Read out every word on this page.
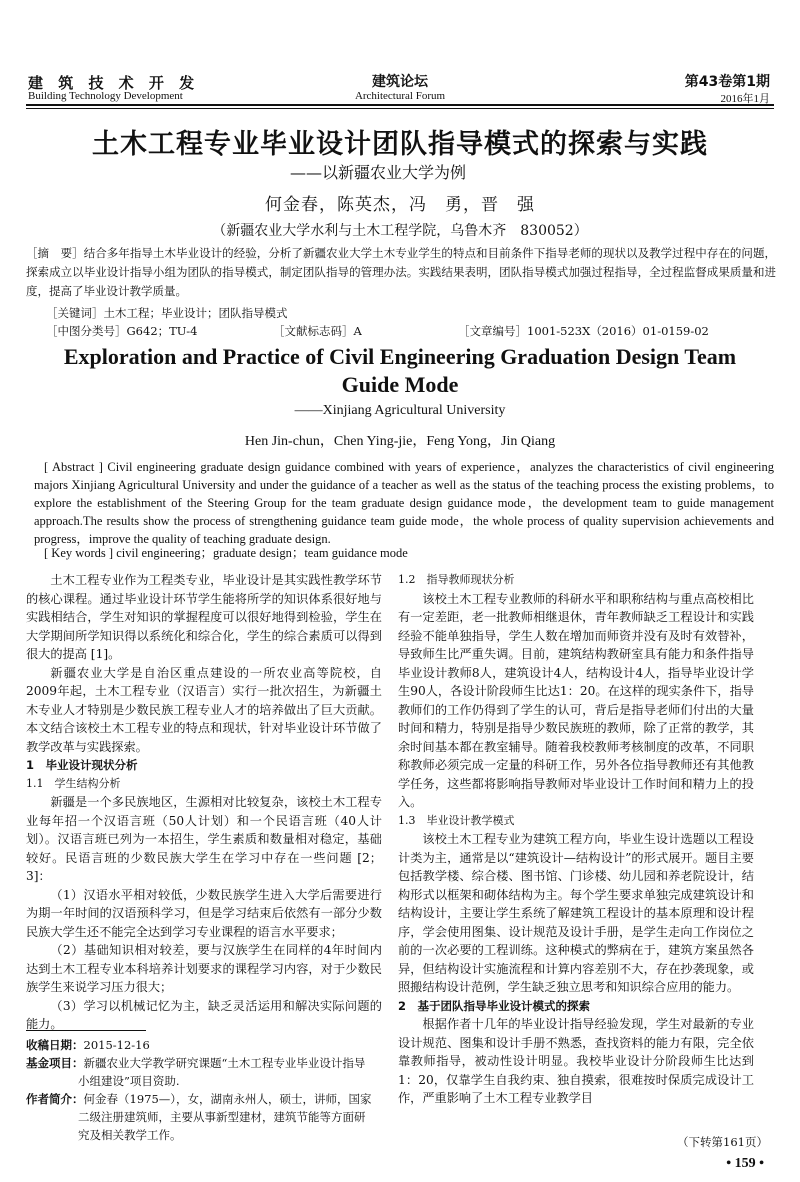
建 筑 技 术 开 发
Building Technology Development
建筑论坛
Architectural Forum
第43卷第1期
2016年1月
土木工程专业毕业设计团队指导模式的探索与实践
——以新疆农业大学为例
何金春，陈英杰，冯　勇，晋　强
（新疆农业大学水利与土木工程学院，乌鲁木齐　830052）
［摘　要］结合多年指导土木毕业设计的经验，分析了新疆农业大学土木专业学生的特点和目前条件下指导老师的现状以及教学过程中存在的问题，探索成立以毕业设计指导小组为团队的指导模式，制定团队指导的管理办法。实践结果表明，团队指导模式加强过程指导，全过程监督成果质量和进度，提高了毕业设计教学质量。
［关键词］土木工程；毕业设计；团队指导模式
［中图分类号］G642；TU-4	［文献标志码］A	［文章编号］1001-523X（2016）01-0159-02
Exploration and Practice of Civil Engineering Graduation Design Team Guide Mode
——Xinjiang Agricultural University
Hen Jin-chun，Chen Ying-jie，Feng Yong，Jin Qiang
[ Abstract ] Civil engineering graduate design guidance combined with years of experience，analyzes the characteristics of civil engineering majors Xinjiang Agricultural University and under the guidance of a teacher as well as the status of the teaching process the existing problems，to explore the establishment of the Steering Group for the team graduate design guidance mode，the development team to guide management approach.The results show the process of strengthening guidance team guide mode，the whole process of quality supervision achievements and progress，improve the quality of teaching graduate design.
[ Key words ] civil engineering；graduate design；team guidance mode

土木工程专业作为工程类专业，毕业设计是其实践性教学环节的核心课程。通过毕业设计环节学生能将所学的知识体系很好地与实践相结合，学生对知识的掌握程度可以很好地得到检验，学生在大学期间所学知识得以系统化和综合化，学生的综合素质可以得到很大的提高 [1]。

新疆农业大学是自治区重点建设的一所农业高等院校，自2009年起，土木工程专业（汉语言）实行一批次招生，为新疆土木专业人才特别是少数民族工程专业人才的培养做出了巨大贡献。本文结合该校土木工程专业的特点和现状，针对毕业设计环节做了教学改革与实践探索。

1　毕业设计现状分析

1.1　学生结构分析

新疆是一个多民族地区，生源相对比较复杂，该校土木工程专业每年招一个汉语言班（50人计划）和一个民语言班（40人计划）。汉语言班已列为一本招生，学生素质和数量相对稳定，基础较好。民语言班的少数民族大学生在学习中存在一些问题 [2；3]：

（1）汉语水平相对较低，少数民族学生进入大学后需要进行为期一年时间的汉语预科学习，但是学习结束后依然有一部分少数民族大学生还不能完全达到学习专业课程的语言水平要求；

（2）基础知识相对较差，要与汉族学生在同样的4年时间内达到土木工程专业本科培养计划要求的课程学习内容，对于少数民族学生来说学习压力很大；

（3）学习以机械记忆为主，缺乏灵活运用和解决实际问题的能力。

1.2　指导教师现状分析

该校土木工程专业教师的科研水平和职称结构与重点高校相比有一定差距，老一批教师相继退休，青年教师缺乏工程设计和实践经验不能单独指导，学生人数在增加而师资并没有及时有效替补，导致师生比严重失调。目前，建筑结构教研室具有能力和条件指导毕业设计教师8人，建筑设计4人，结构设计4人，指导毕业设计学生90人，各设计阶段师生比达1：20。在这样的现实条件下，指导教师们的工作仍得到了学生的认可，背后是指导老师们付出的大量时间和精力，特别是指导少数民族班的教师，除了正常的教学，其余时间基本都在教室辅导。随着我校教师考核制度的改革，不同职称教师必须完成一定量的科研工作，另外各位指导教师还有其他教学任务，这些都将影响指导教师对毕业设计工作时间和精力上的投入。

1.3　毕业设计教学模式

该校土木工程专业为建筑工程方向，毕业生设计选题以工程设计类为主，通常是以“建筑设计—结构设计”的形式展开。题目主要包括教学楼、综合楼、图书馆、门诊楼、幼儿园和养老院设计，结构形式以框架和砌体结构为主。每个学生要求单独完成建筑设计和结构设计，主要让学生系统了解建筑工程设计的基本原理和设计程序，学会使用图集、设计规范及设计手册，是学生走向工作岗位之前的一次必要的工程训练。这种模式的弊病在于，建筑方案虽然各异，但结构设计实施流程和计算内容差别不大，存在抄袭现象，或照搬结构设计范例，学生缺乏独立思考和知识综合应用的能力。

2　基于团队指导毕业设计模式的探索

根据作者十几年的毕业设计指导经验发现，学生对最新的专业设计规范、图集和设计手册不熟悉，查找资料的能力有限，完全依靠教师指导，被动性设计明显。我校毕业设计分阶段师生比达到1：20，仅靠学生自我约束、独自摸索，很难按时保质完成设计工作，严重影响了土木工程专业教学目

收稿日期：2015-12-16
基金项目：新疆农业大学教学研究课题“土木工程专业毕业设计指导
小组建设”项目资助.
作者简介：何金春（1975—），女，湖南永州人，硕士，讲师，国家
二级注册建筑师，主要从事新型建材，建筑节能等方面研
究及相关教学工作。	（下转第161页）
• 159 •
